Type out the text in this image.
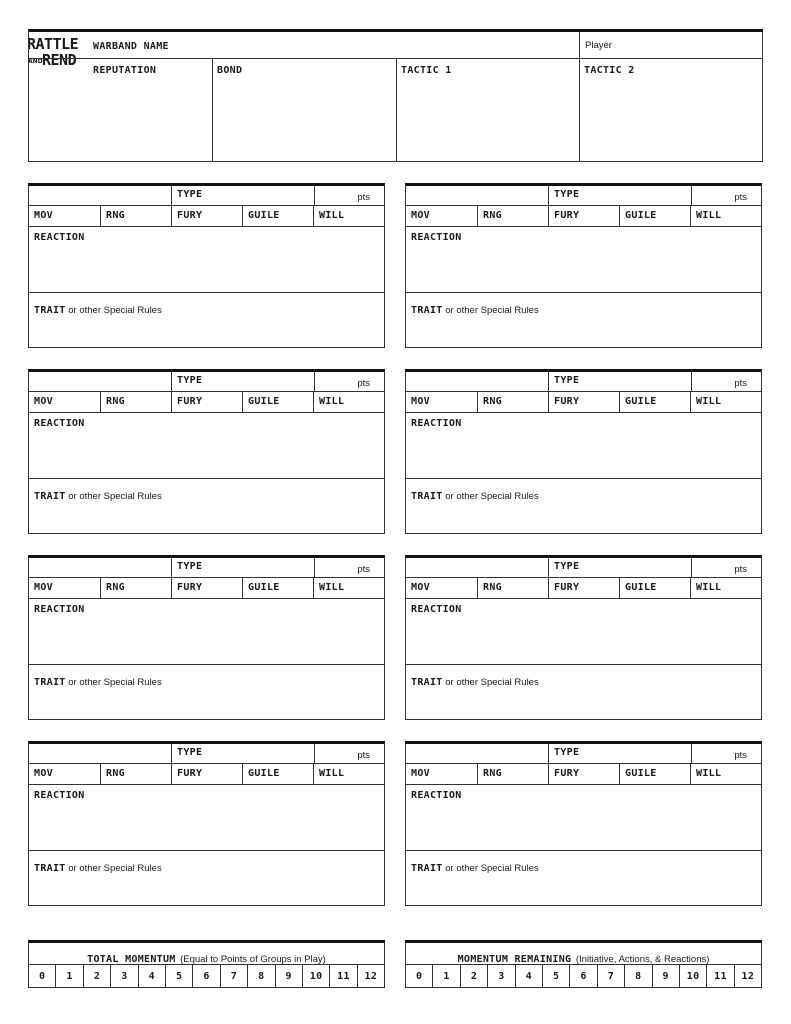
RATTLE
AND REND
WARBAND NAME	Player
REPUTATION	BOND	TACTIC 1	TACTIC 2
TYPE	pts
MOV	RNG	FURY	GUILE	WILL
REACTION
TRAIT or other Special Rules
TYPE	pts
MOV	RNG	FURY	GUILE	WILL
REACTION
TRAIT or other Special Rules
TYPE	pts
MOV	RNG	FURY	GUILE	WILL
REACTION
TRAIT or other Special Rules
TYPE	pts
MOV	RNG	FURY	GUILE	WILL
REACTION
TRAIT or other Special Rules
TYPE	pts
MOV	RNG	FURY	GUILE	WILL
REACTION
TRAIT or other Special Rules
TYPE	pts
MOV	RNG	FURY	GUILE	WILL
REACTION
TRAIT or other Special Rules
TYPE	pts
MOV	RNG	FURY	GUILE	WILL
REACTION
TRAIT or other Special Rules
TYPE	pts
MOV	RNG	FURY	GUILE	WILL
REACTION
TRAIT or other Special Rules
TOTAL MOMENTUM (Equal to Points of Groups in Play)
0	1	2	3	4	5	6	7	8	9	10	11	12
MOMENTUM REMAINING (Initiative, Actions, & Reactions)
0	1	2	3	4	5	6	7	8	9	10	11	12
